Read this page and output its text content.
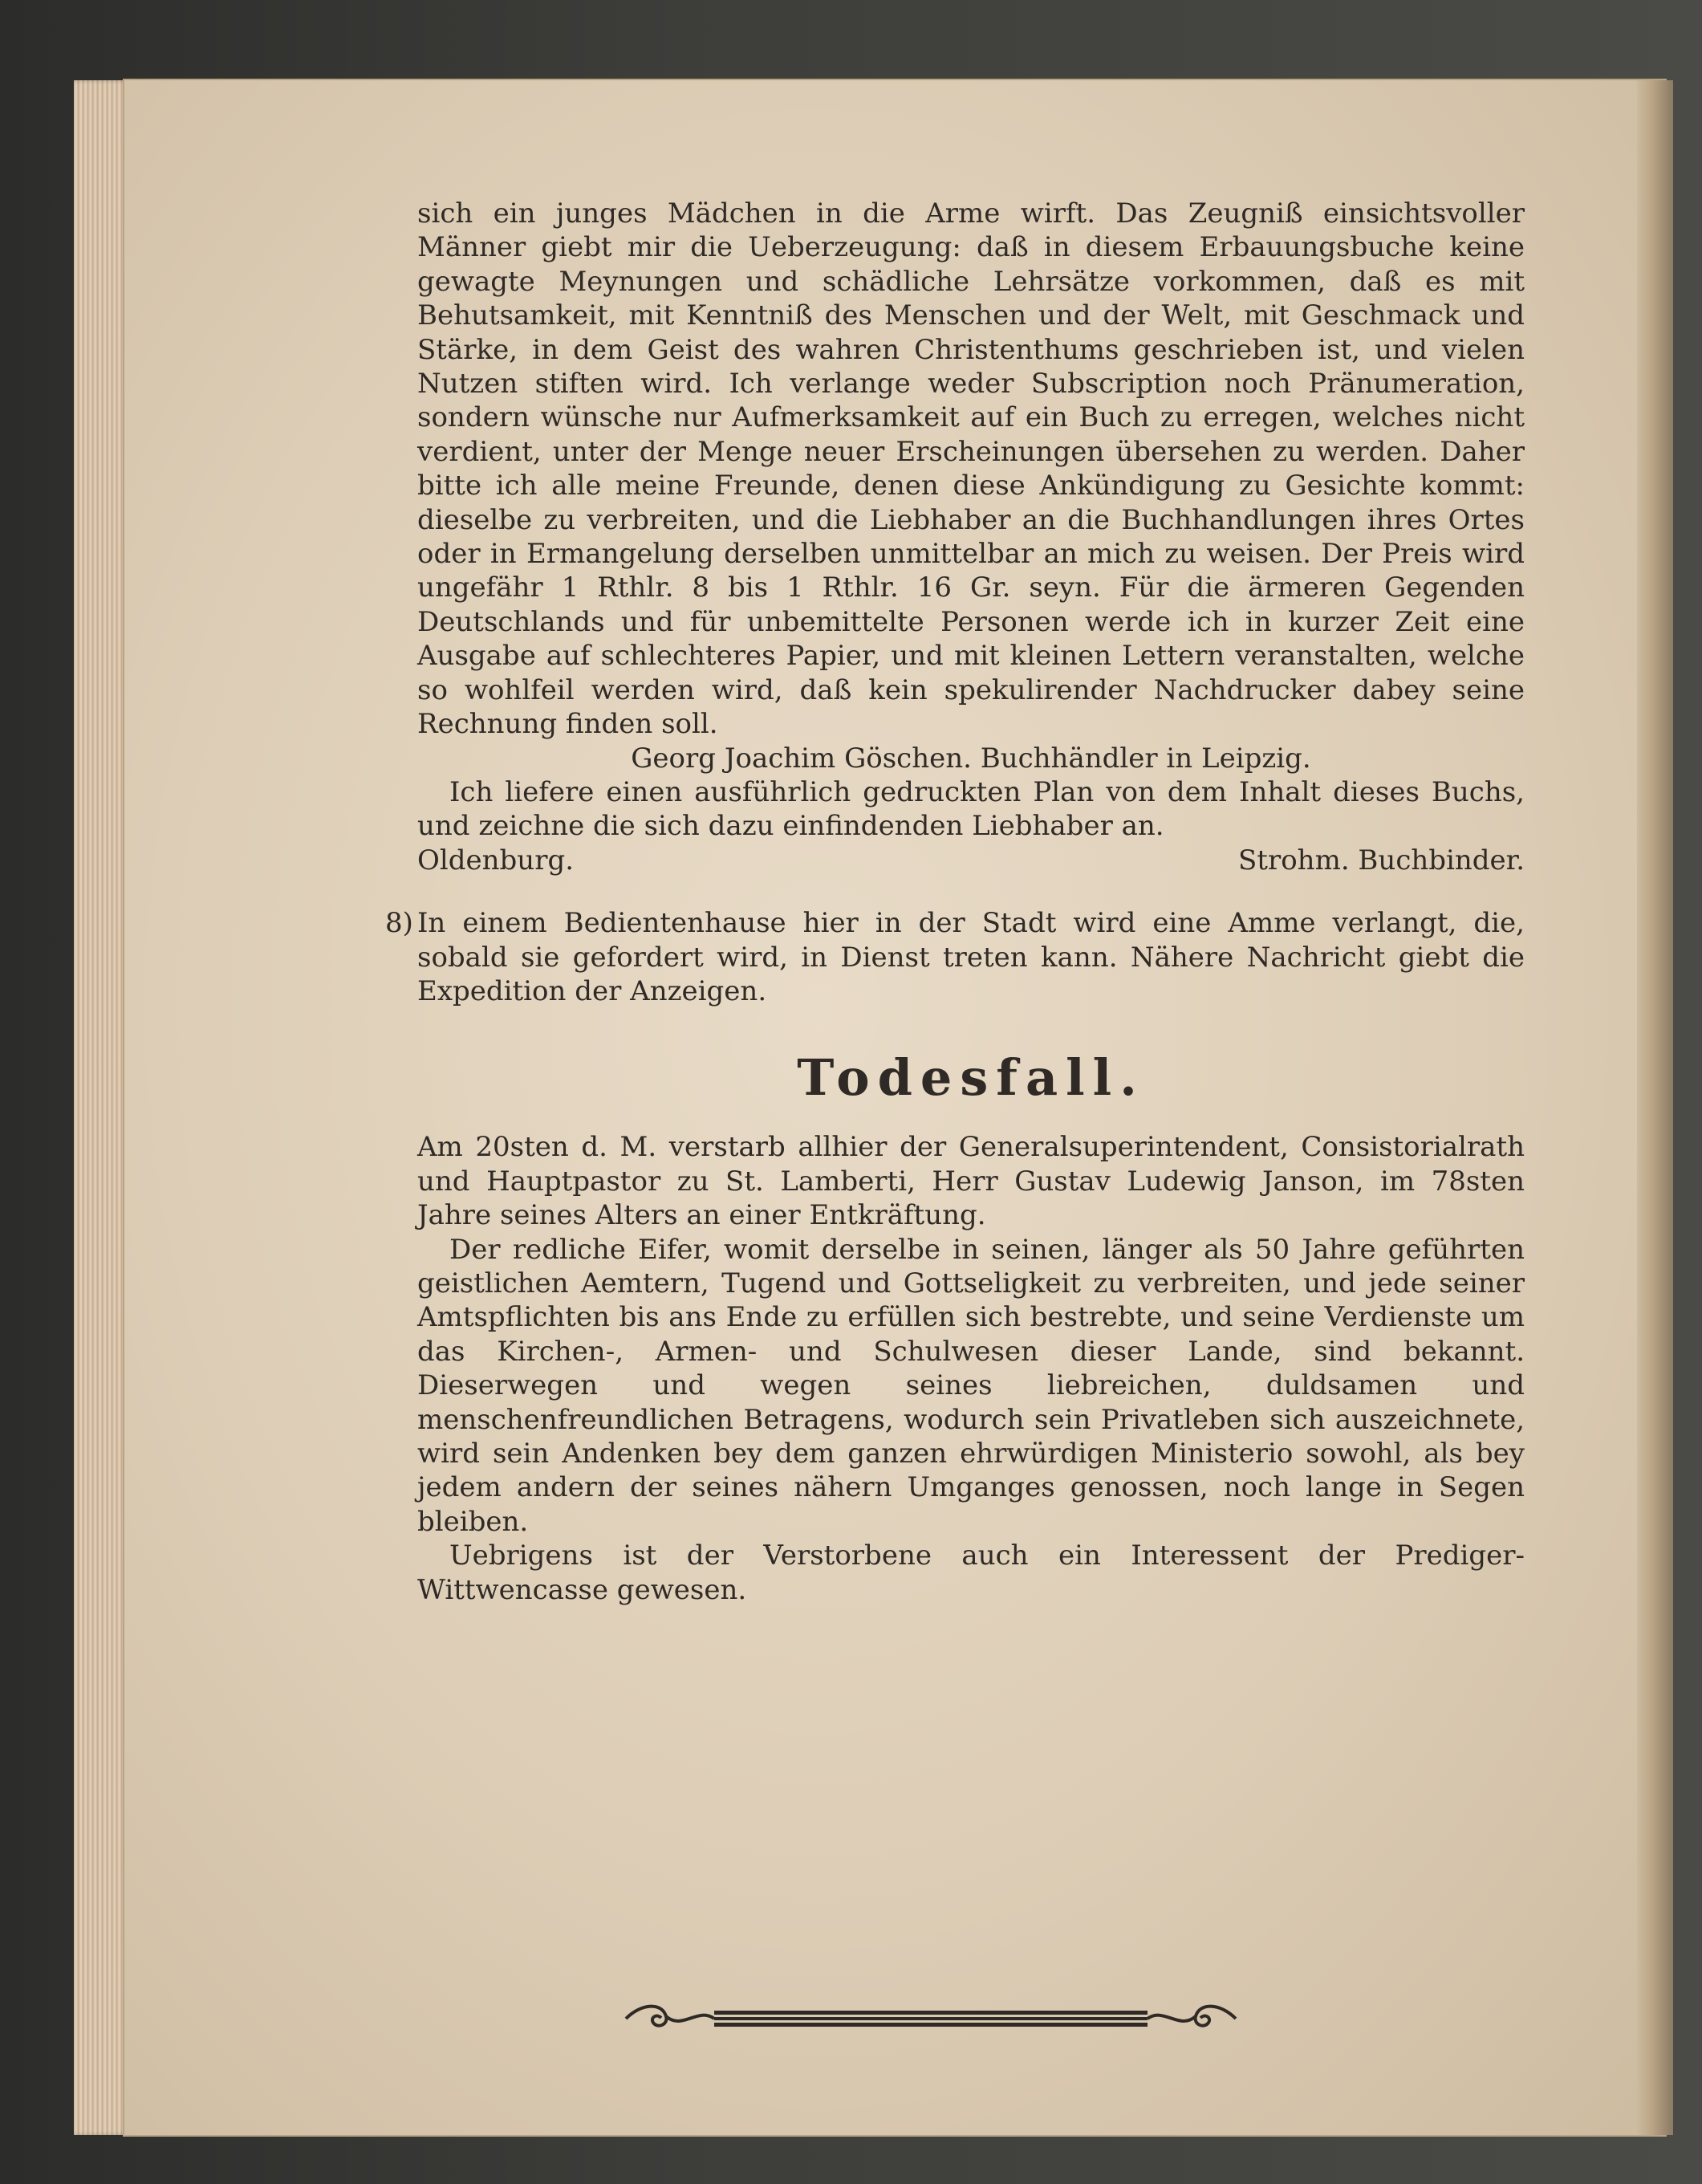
sich ein junges Mädchen in die Arme wirft. Das Zeugniß einsichtsvoller Männer giebt mir die Ueberzeugung: daß in diesem Erbauungsbuche keine gewagte Meynungen und schädliche Lehrsätze vorkommen, daß es mit Behutsamkeit, mit Kenntniß des Menschen und der Welt, mit Geschmack und Stärke, in dem Geist des wahren Christenthums geschrieben ist, und vielen Nutzen stiften wird. Ich verlange weder Subscription noch Pränumeration, sondern wünsche nur Aufmerksamkeit auf ein Buch zu erregen, welches nicht verdient, unter der Menge neuer Erscheinungen übersehen zu werden. Daher bitte ich alle meine Freunde, denen diese Ankündigung zu Gesichte kommt: dieselbe zu verbreiten, und die Liebhaber an die Buchhandlungen ihres Ortes oder in Ermangelung derselben unmittelbar an mich zu weisen. Der Preis wird ungefähr 1 Rthlr. 8 bis 1 Rthlr. 16 Gr. seyn. Für die ärmeren Gegenden Deutschlands und für unbemittelte Personen werde ich in kurzer Zeit eine Ausgabe auf schlechteres Papier, und mit kleinen Lettern veranstalten, welche so wohlfeil werden wird, daß kein spekulirender Nachdrucker dabey seine Rechnung finden soll.

Georg Joachim Göschen. Buchhändler in Leipzig.

Ich liefere einen ausführlich gedruckten Plan von dem Inhalt dieses Buchs, und zeichne die sich dazu einfindenden Liebhaber an.

Oldenburg.	Strohm. Buchbinder.
8) In einem Bedientenhause hier in der Stadt wird eine Amme verlangt, die, sobald sie gefordert wird, in Dienst treten kann. Nähere Nachricht giebt die Expedition der Anzeigen.
Todesfall.

Am 20sten d. M. verstarb allhier der Generalsuperintendent, Consistorialrath und Hauptpastor zu St. Lamberti, Herr Gustav Ludewig Janson, im 78sten Jahre seines Alters an einer Entkräftung.

Der redliche Eifer, womit derselbe in seinen, länger als 50 Jahre geführten geistlichen Aemtern, Tugend und Gottseligkeit zu verbreiten, und jede seiner Amtspflichten bis ans Ende zu erfüllen sich bestrebte, und seine Verdienste um das Kirchen-, Armen- und Schulwesen dieser Lande, sind bekannt. Dieserwegen und wegen seines liebreichen, duldsamen und menschenfreundlichen Betragens, wodurch sein Privatleben sich auszeichnete, wird sein Andenken bey dem ganzen ehrwürdigen Ministerio sowohl, als bey jedem andern der seines nähern Umganges genossen, noch lange in Segen bleiben.

Uebrigens ist der Verstorbene auch ein Interessent der Prediger-Wittwencasse gewesen.
